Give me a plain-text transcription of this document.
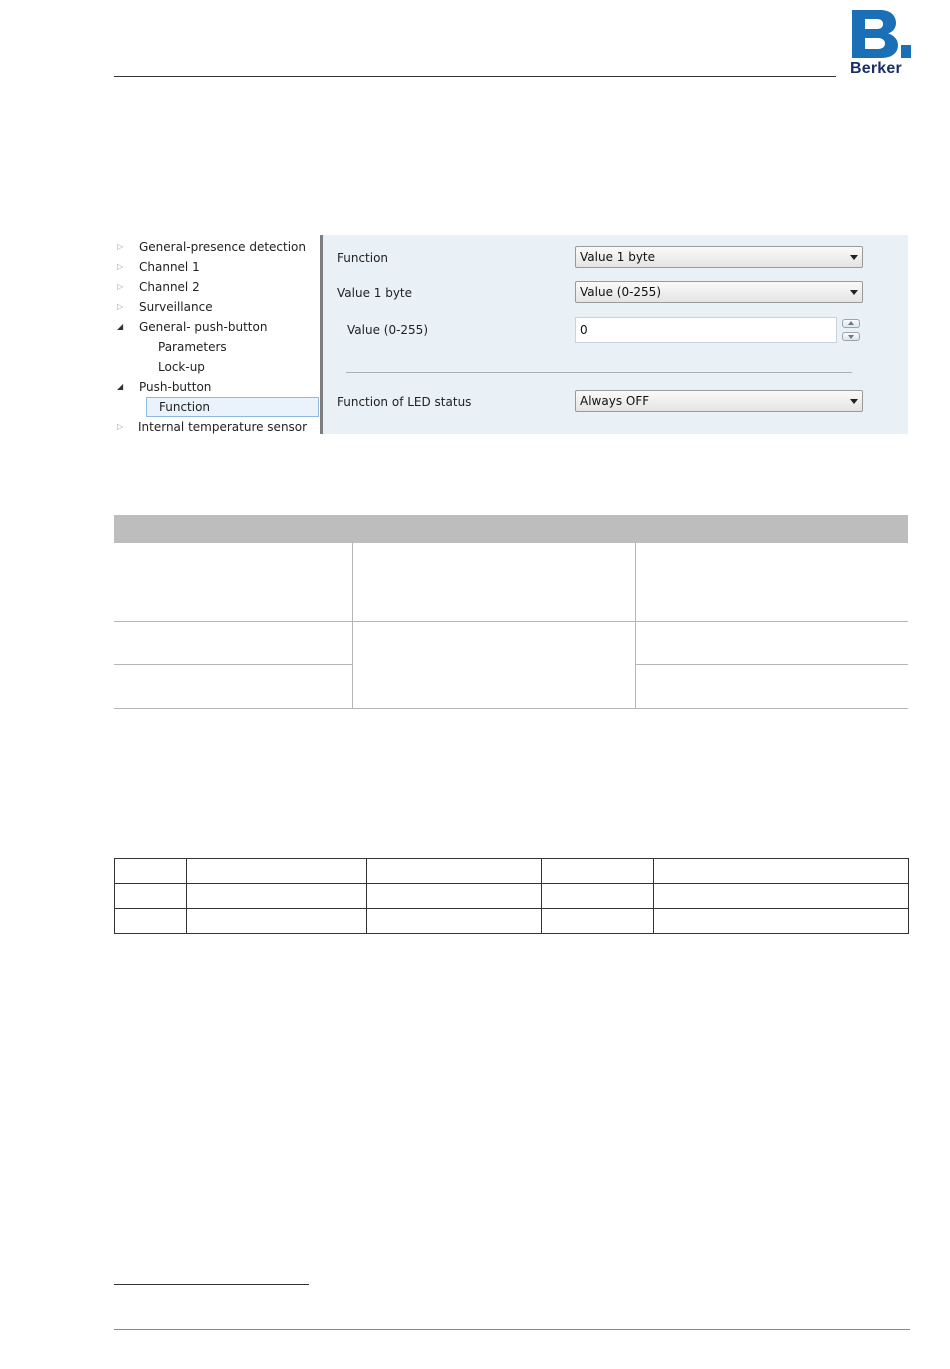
Berker
▷	General-presence detection
▷	Channel 1
▷	Channel 2
▷	Surveillance
◢	General- push-button
Parameters
Lock-up
◢	Push-button
Function
▷	Internal temperature sensor
Function	Value 1 byte
Value 1 byte	Value (0-255)
Value (0-255)	0
Function of LED status	Always OFF
